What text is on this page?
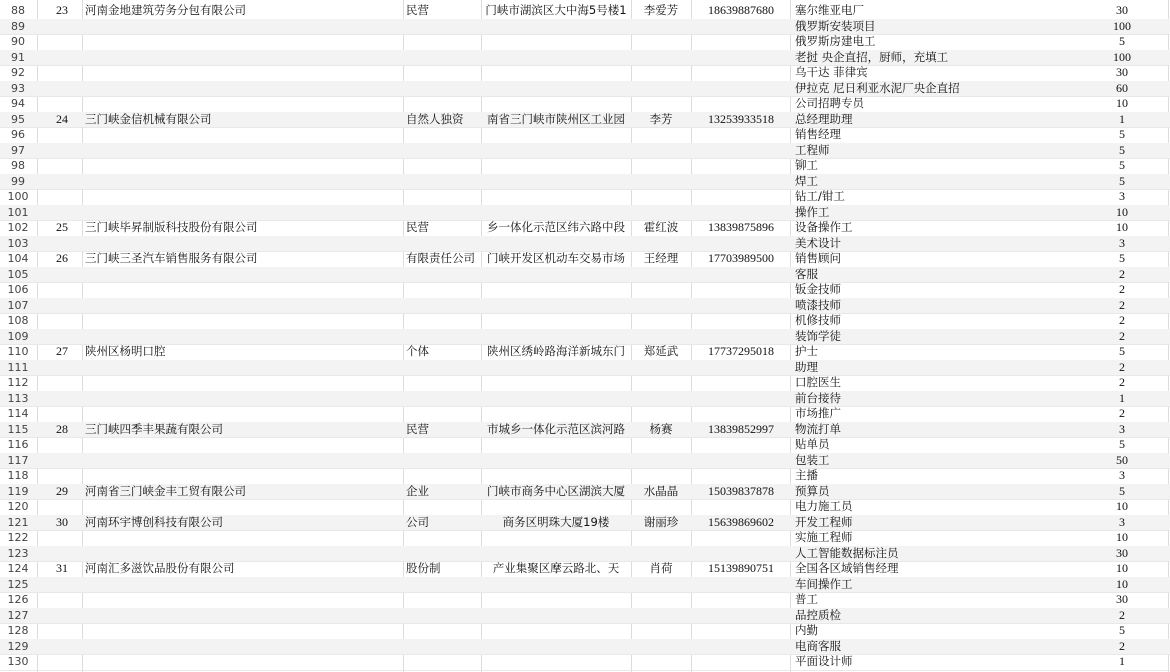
88	23	河南金地建筑劳务分包有限公司	民营	门峡市湖滨区大中海5号楼1	李爱芳	18639887680	塞尔维亚电厂	30
89	俄罗斯安装项目	100
90	俄罗斯房建电工	5
91	老挝 央企直招，厨师，充填工	100
92	乌干达 菲律宾	30
93	伊拉克 尼日利亚水泥厂央企直招	60
94	公司招聘专员	10
95	24	三门峡金信机械有限公司	自然人独资	南省三门峡市陕州区工业园	李芳	13253933518	总经理助理	1
96	销售经理	5
97	工程师	5
98	铆工	5
99	焊工	5
100	钻工/钳工	3
101	操作工	10
102	25	三门峡毕昇制版科技股份有限公司	民营	乡一体化示范区纬六路中段	霍红波	13839875896	设备操作工	10
103	美术设计	3
104	26	三门峡三圣汽车销售服务有限公司	有限责任公司	门峡开发区机动车交易市场	王经理	17703989500	销售顾问	5
105	客服	2
106	钣金技师	2
107	喷漆技师	2
108	机修技师	2
109	装饰学徒	2
110	27	陕州区杨明口腔	个体	陕州区绣岭路海洋新城东门	郑延武	17737295018	护士	5
111	助理	2
112	口腔医生	2
113	前台接待	1
114	市场推广	2
115	28	三门峡四季丰果蔬有限公司	民营	市城乡一体化示范区滨河路	杨赛	13839852997	物流打单	3
116	贴单员	5
117	包装工	50
118	主播	3
119	29	河南省三门峡金丰工贸有限公司	企业	门峡市商务中心区湖滨大厦	水晶晶	15039837878	预算员	5
120	电力施工员	10
121	30	河南环宇博创科技有限公司	公司	商务区明珠大厦19楼	谢丽珍	15639869602	开发工程师	3
122	实施工程师	10
123	人工智能数据标注员	30
124	31	河南汇多滋饮品股份有限公司	股份制	产业集聚区摩云路北、天	肖荷	15139890751	全国各区域销售经理	10
125	车间操作工	10
126	普工	30
127	品控质检	2
128	内勤	5
129	电商客服	2
130	平面设计师	1
